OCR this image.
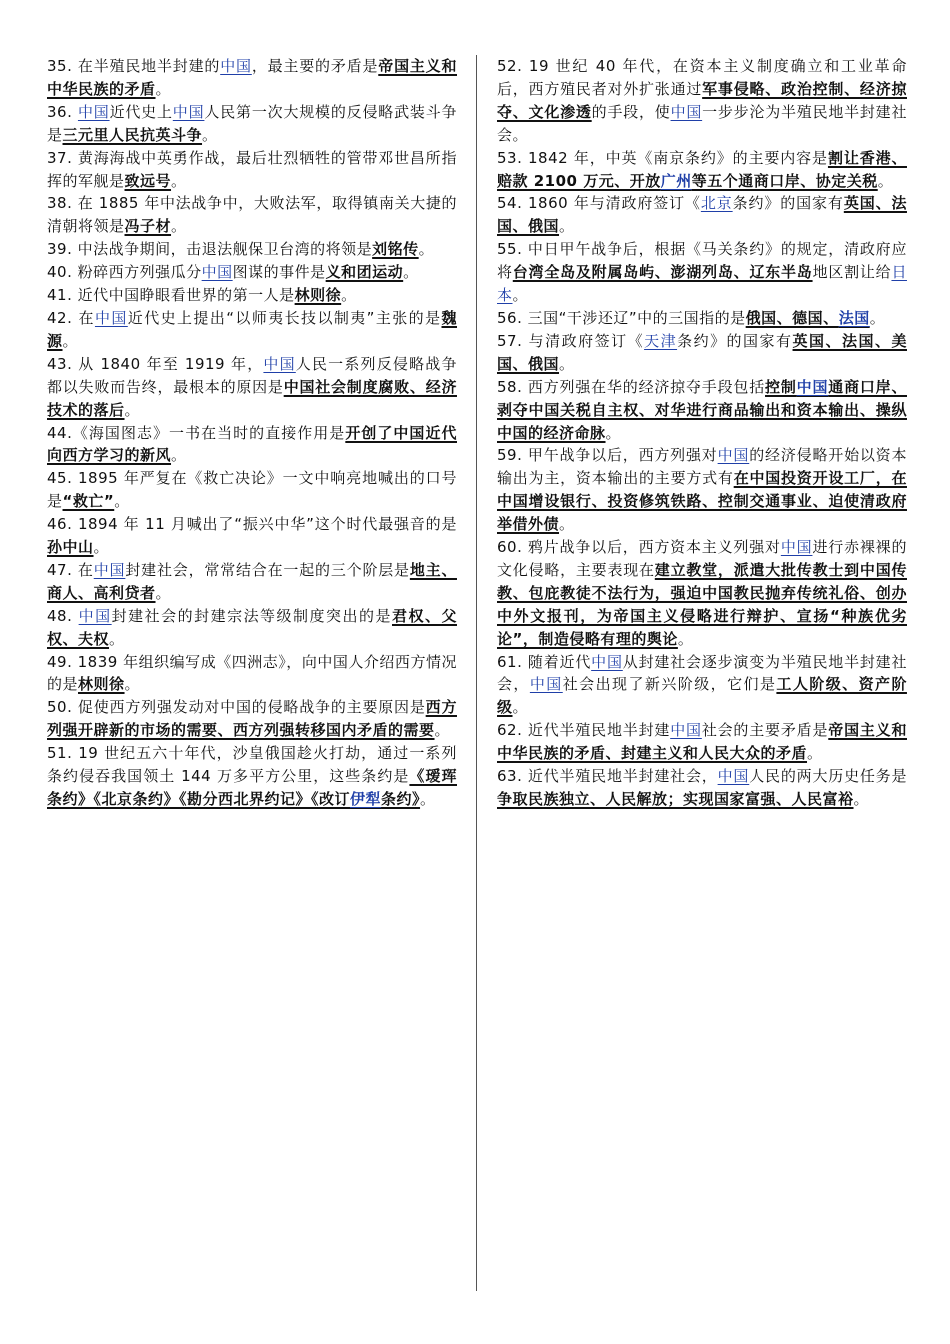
35. 在半殖民地半封建的中国，最主要的矛盾是帝国主义和中华民族的矛盾。

36. 中国近代史上中国人民第一次大规模的反侵略武装斗争是三元里人民抗英斗争。

37. 黄海海战中英勇作战，最后壮烈牺牲的管带邓世昌所指挥的军舰是致远号。

38. 在 1885 年中法战争中，大败法军，取得镇南关大捷的清朝将领是冯子材。

39. 中法战争期间，击退法舰保卫台湾的将领是刘铭传。

40. 粉碎西方列强瓜分中国图谋的事件是义和团运动。

41. 近代中国睁眼看世界的第一人是林则徐。

42. 在中国近代史上提出“以师夷长技以制夷”主张的是魏源。

43. 从 1840 年至 1919 年，中国人民一系列反侵略战争都以失败而告终，最根本的原因是中国社会制度腐败、经济技术的落后。

44.《海国图志》一书在当时的直接作用是开创了中国近代向西方学习的新风。

45. 1895 年严复在《救亡决论》一文中响亮地喊出的口号是“救亡”。

46. 1894 年 11 月喊出了“振兴中华”这个时代最强音的是孙中山。

47. 在中国封建社会，常常结合在一起的三个阶层是地主、商人、高利贷者。

48. 中国封建社会的封建宗法等级制度突出的是君权、父权、夫权。

49. 1839 年组织编写成《四洲志》，向中国人介绍西方情况的是林则徐。

50. 促使西方列强发动对中国的侵略战争的主要原因是西方列强开辟新的市场的需要、西方列强转移国内矛盾的需要。

51. 19 世纪五六十年代，沙皇俄国趁火打劫，通过一系列条约侵吞我国领土 144 万多平方公里，这些条约是《瑷珲条约》《北京条约》《勘分西北界约记》《改订伊犁条约》。

52. 19 世纪 40 年代，在资本主义制度确立和工业革命后，西方殖民者对外扩张通过军事侵略、政治控制、经济掠夺、文化渗透的手段，使中国一步步沦为半殖民地半封建社会。

53. 1842 年，中英《南京条约》的主要内容是割让香港、赔款 2100 万元、开放广州等五个通商口岸、协定关税。

54. 1860 年与清政府签订《北京条约》的国家有英国、法国、俄国。

55. 中日甲午战争后，根据《马关条约》的规定，清政府应将台湾全岛及附属岛屿、澎湖列岛、辽东半岛地区割让给日本。

56. 三国“干涉还辽”中的三国指的是俄国、德国、法国。

57. 与清政府签订《天津条约》的国家有英国、法国、美国、俄国。

58. 西方列强在华的经济掠夺手段包括控制中国通商口岸、剥夺中国关税自主权、对华进行商品输出和资本输出、操纵中国的经济命脉。

59. 甲午战争以后，西方列强对中国的经济侵略开始以资本输出为主，资本输出的主要方式有在中国投资开设工厂，在中国增设银行、投资修筑铁路、控制交通事业、迫使清政府举借外债。

60. 鸦片战争以后，西方资本主义列强对中国进行赤裸裸的文化侵略，主要表现在建立教堂，派遣大批传教士到中国传教、包庇教徒不法行为，强迫中国教民抛弃传统礼俗、创办中外文报刊，为帝国主义侵略进行辩护、宣扬“种族优劣论”，制造侵略有理的舆论。

61. 随着近代中国从封建社会逐步演变为半殖民地半封建社会，中国社会出现了新兴阶级，它们是工人阶级、资产阶级。

62. 近代半殖民地半封建中国社会的主要矛盾是帝国主义和中华民族的矛盾、封建主义和人民大众的矛盾。

63. 近代半殖民地半封建社会，中国人民的两大历史任务是争取民族独立、人民解放；实现国家富强、人民富裕。
